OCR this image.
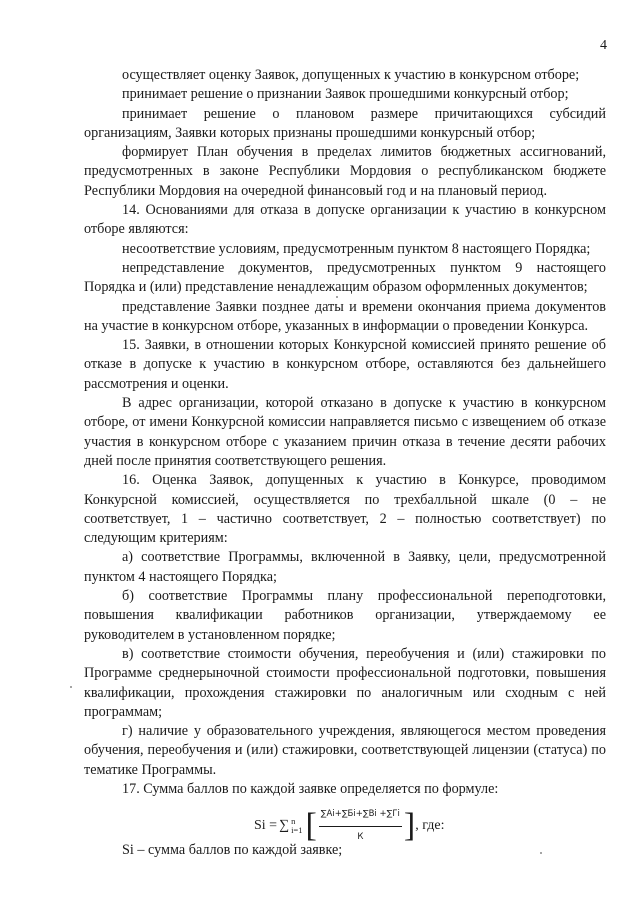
4

осуществляет оценку Заявок, допущенных к участию в конкурсном отборе;

принимает решение о признании Заявок прошедшими конкурсный отбор;

принимает решение о плановом размере причитающихся субсидий организациям, Заявки которых признаны прошедшими конкурсный отбор;

формирует План обучения в пределах лимитов бюджетных ассигнований, предусмотренных в законе Республики Мордовия о республиканском бюджете Республики Мордовия на очередной финансовый год и на плановый период.

14. Основаниями для отказа в допуске организации к участию в конкурсном отборе являются:

несоответствие условиям, предусмотренным пунктом 8 настоящего Порядка;

непредставление документов, предусмотренных пунктом 9 настоящего Порядка и (или) представление ненадлежащим образом оформленных документов;

представление Заявки позднее даты и времени окончания приема документов на участие в конкурсном отборе, указанных в информации о проведении Конкурса.

15. Заявки, в отношении которых Конкурсной комиссией принято решение об отказе в допуске к участию в конкурсном отборе, оставляются без дальнейшего рассмотрения и оценки.

В адрес организации, которой отказано в допуске к участию в конкурсном отборе, от имени Конкурсной комиссии направляется письмо с извещением об отказе участия в конкурсном отборе с указанием причин отказа в течение десяти рабочих дней после принятия соответствующего решения.

16. Оценка Заявок, допущенных к участию в Конкурсе, проводимом Конкурсной комиссией, осуществляется по трехбалльной шкале (0 – не соответствует, 1 – частично соответствует, 2 – полностью соответствует) по следующим критериям:

а) соответствие Программы, включенной в Заявку, цели, предусмотренной пунктом 4 настоящего Порядка;

б) соответствие Программы плану профессиональной переподготовки, повышения квалификации работников организации, утверждаемому ее руководителем в установленном порядке;

в) соответствие стоимости обучения, переобучения и (или) стажировки по Программе среднерыночной стоимости профессиональной подготовки, повышения квалификации, прохождения стажировки по аналогичным или сходным с ней программам;

г) наличие у образовательного учреждения, являющегося местом проведения обучения, переобучения и (или) стажировки, соответствующей лицензии (статуса) по тематике Программы.

17. Сумма баллов по каждой заявке определяется по формуле:

Si = ∑ n
i=1 [ $\frac{\sum Ai+\sum Бi+\sum Вi +\sum Гi}{К}$ ] , где:

Si – сумма баллов по каждой заявке;
